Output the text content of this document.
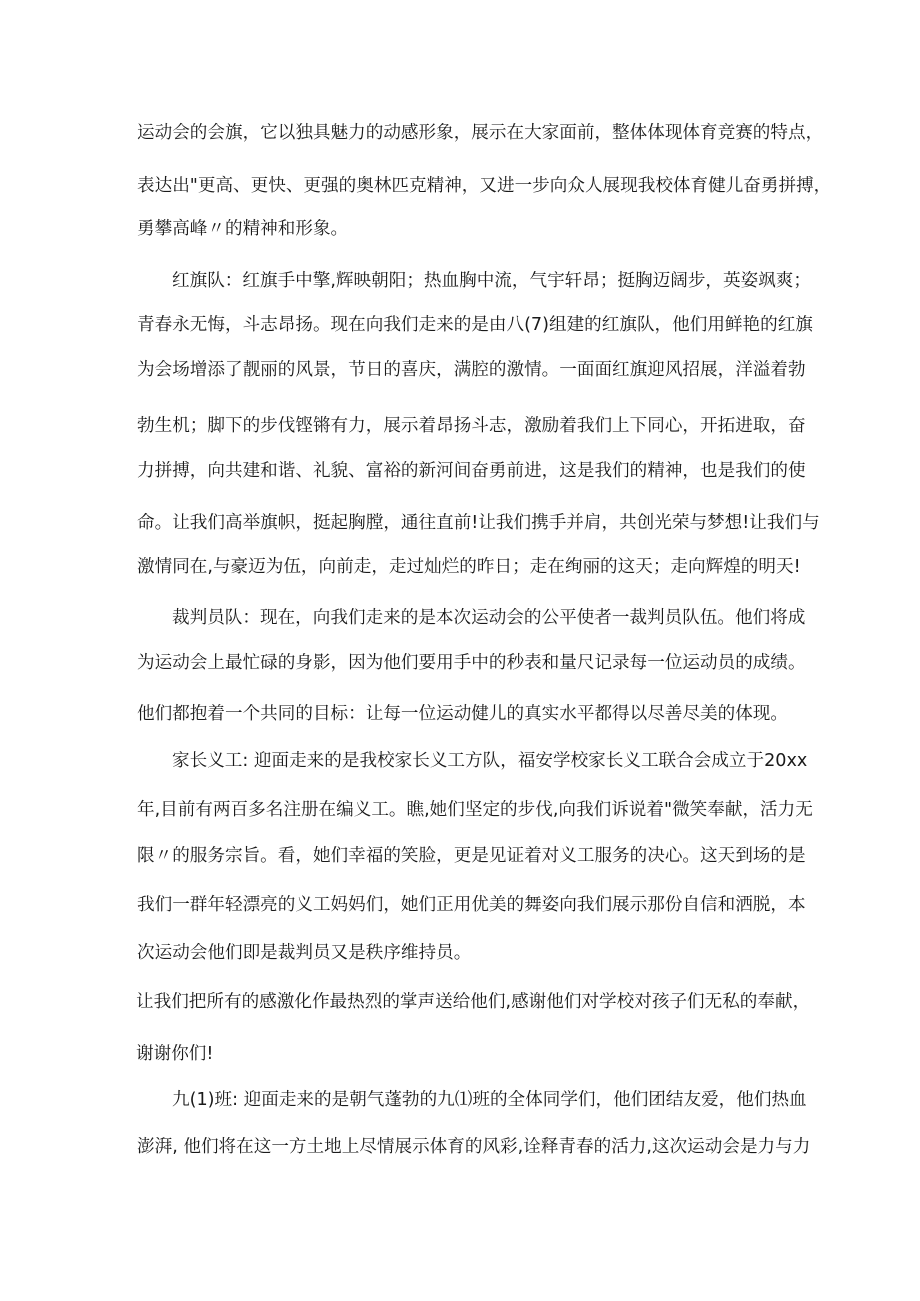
运动会的会旗，它以独具魅力的动感形象，展示在大家面前，整体体现体育竞赛的特点，
表达出"更高、更快、更强的奥林匹克精神，又进一步向众人展现我校体育健儿奋勇拼搏，
勇攀高峰〃的精神和形象。
红旗队：红旗手中擎,辉映朝阳；热血胸中流，气宇轩昂；挺胸迈阔步，英姿飒爽；
青春永无悔，斗志昂扬。现在向我们走来的是由八(7)组建的红旗队，他们用鲜艳的红旗
为会场增添了靓丽的风景，节日的喜庆，满腔的激情。一面面红旗迎风招展，洋溢着勃
勃生机；脚下的步伐铿锵有力，展示着昂扬斗志，激励着我们上下同心，开拓进取，奋
力拼搏，向共建和谐、礼貌、富裕的新河间奋勇前进，这是我们的精神，也是我们的使
命。让我们高举旗帜，挺起胸膛，通往直前!让我们携手并肩，共创光荣与梦想!让我们与
激情同在,与豪迈为伍，向前走，走过灿烂的昨日；走在绚丽的这天；走向辉煌的明天!
裁判员队：现在，向我们走来的是本次运动会的公平使者一裁判员队伍。他们将成
为运动会上最忙碌的身影，因为他们要用手中的秒表和量尺记录每一位运动员的成绩。
他们都抱着一个共同的目标：让每一位运动健儿的真实水平都得以尽善尽美的体现。
家长义工: 迎面走来的是我校家长义工方队，福安学校家长义工联合会成立于20xx
年,目前有两百多名注册在编义工。瞧,她们坚定的步伐,向我们诉说着"微笑奉献，活力无
限〃的服务宗旨。看，她们幸福的笑脸，更是见证着对义工服务的决心。这天到场的是
我们一群年轻漂亮的义工妈妈们，她们正用优美的舞姿向我们展示那份自信和洒脱，本
次运动会他们即是裁判员又是秩序维持员。
让我们把所有的感激化作最热烈的掌声送给他们,感谢他们对学校对孩子们无私的奉献，
谢谢你们!
九(1)班: 迎面走来的是朝气蓬勃的九⑴班的全体同学们，他们团结友爱，他们热血
澎湃, 他们将在这一方土地上尽情展示体育的风彩,诠释青春的活力,这次运动会是力与力
